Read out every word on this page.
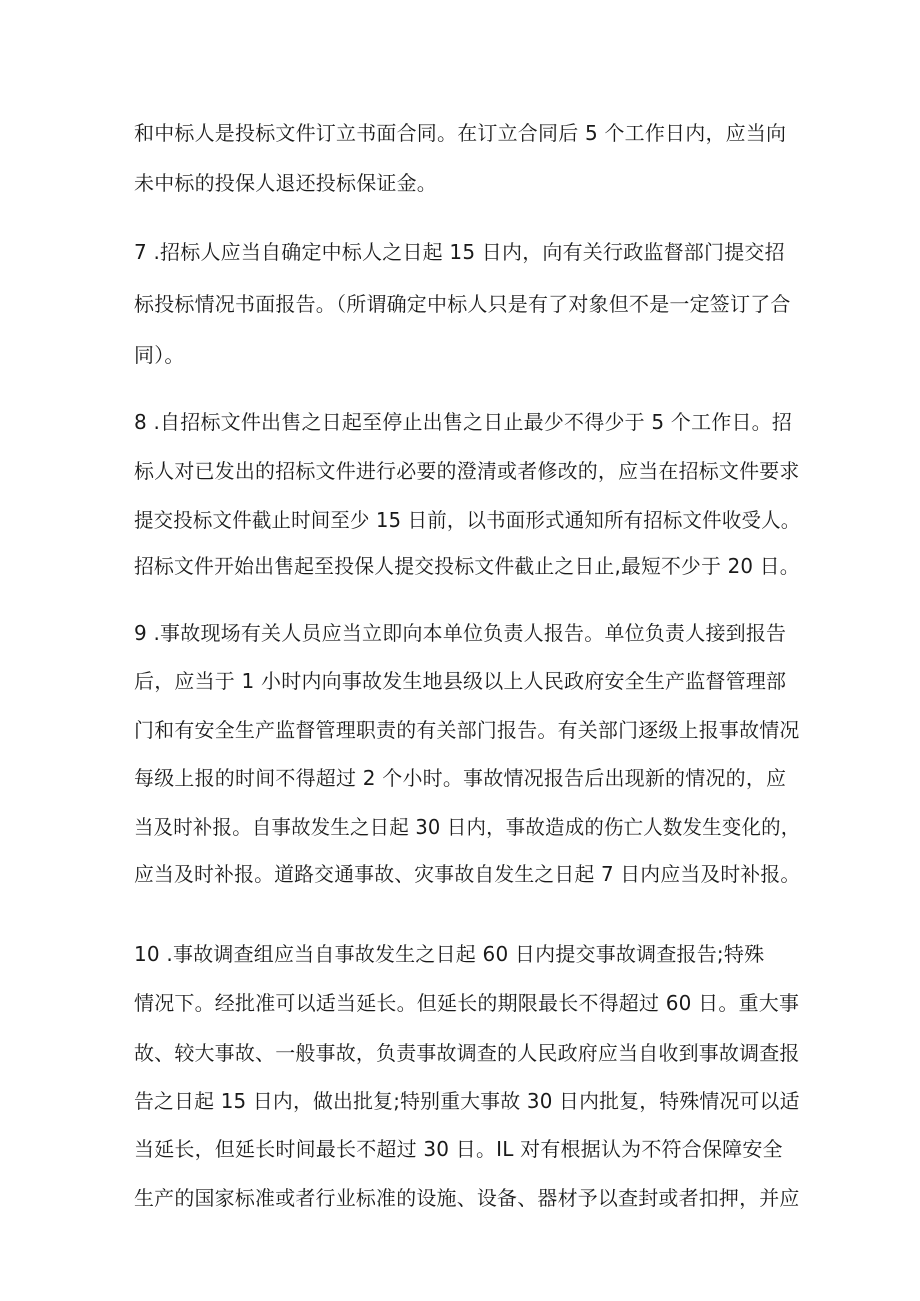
和中标人是投标文件订立书面合同。在订立合同后 5 个工作日内，应当向
未中标的投保人退还投标保证金。
7 .招标人应当自确定中标人之日起 15 日内，向有关行政监督部门提交招
标投标情况书面报告。（所谓确定中标人只是有了对象但不是一定签订了合
同）。
8 .自招标文件出售之日起至停止出售之日止最少不得少于 5 个工作日。招
标人对已发出的招标文件进行必要的澄清或者修改的，应当在招标文件要求
提交投标文件截止时间至少 15 日前，以书面形式通知所有招标文件收受人。
招标文件开始出售起至投保人提交投标文件截止之日止,最短不少于 20 日。
9 .事故现场有关人员应当立即向本单位负责人报告。单位负责人接到报告
后，应当于 1 小时内向事故发生地县级以上人民政府安全生产监督管理部
门和有安全生产监督管理职责的有关部门报告。有关部门逐级上报事故情况
每级上报的时间不得超过 2 个小时。事故情况报告后出现新的情况的，应
当及时补报。自事故发生之日起 30 日内，事故造成的伤亡人数发生变化的，
应当及时补报。道路交通事故、灾事故自发生之日起 7 日内应当及时补报。
10 .事故调查组应当自事故发生之日起 60 日内提交事故调查报告;特殊
情况下。经批准可以适当延长。但延长的期限最长不得超过 60 日。重大事
故、较大事故、一般事故，负责事故调查的人民政府应当自收到事故调查报
告之日起 15 日内，做出批复;特别重大事故 30 日内批复，特殊情况可以适
当延长，但延长时间最长不超过 30 日。IL 对有根据认为不符合保障安全
生产的国家标准或者行业标准的设施、设备、器材予以查封或者扣押，并应
